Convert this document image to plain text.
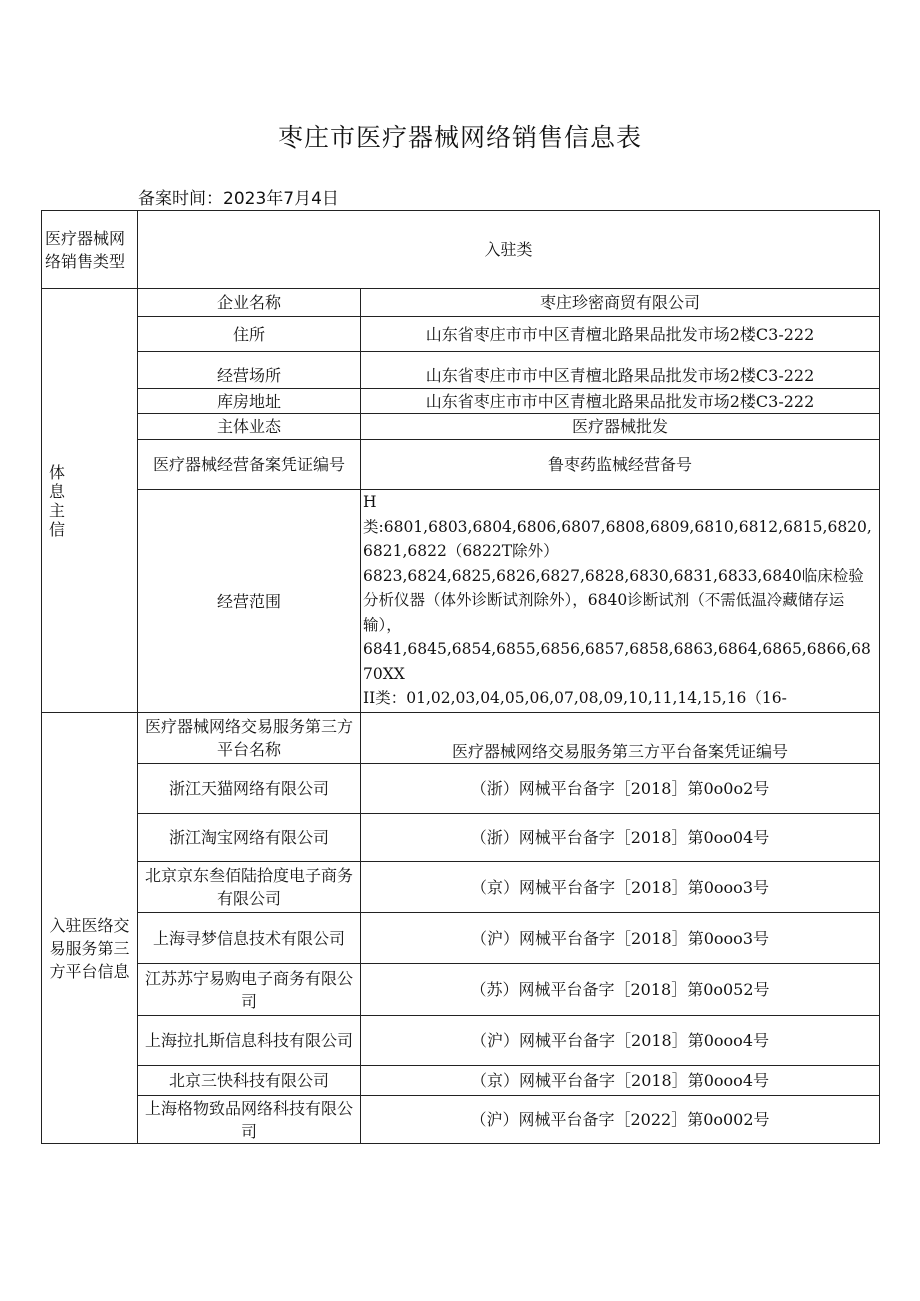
枣庄市医疗器械网络销售信息表
备案时间：2023年7月4日
医疗器械网络销售类型	入驻类	

体息主信	企业名称	枣庄珍密商贸有限公司
	住所	山东省枣庄市市中区青檀北路果品批发市场2楼C3-222
	经营场所	山东省枣庄市市中区青檀北路果品批发市场2楼C3-222
	库房地址	山东省枣庄市市中区青檀北路果品批发市场2楼C3-222
	主体业态	医疗器械批发
	医疗器械经营备案凭证编号	鲁枣药监械经营备号
	经营范围	H
类:6801,6803,6804,6806,6807,6808,6809,6810,6812,6815,6820,6821,6822（6822T除外）
6823,6824,6825,6826,6827,6828,6830,6831,6833,6840临床检验分析仪器（体外诊断试剂除外），6840诊断试剂（不需低温冷藏储存运输），
6841,6845,6854,6855,6856,6857,6858,6863,6864,6865,6866,6870XX
II类：01,02,03,04,05,06,07,08,09,10,11,14,15,16（16-

入驻医络交易服务第三方平台信息	医疗器械网络交易服务第三方平台名称	医疗器械网络交易服务第三方平台备案凭证编号
	浙江天猫网络有限公司	（浙）网械平台备字［2018］第0o0o2号
	浙江淘宝网络有限公司	（浙）网械平台备字［2018］第0oo04号
	北京京东叁佰陆拾度电子商务有限公司	（京）网械平台备字［2018］第0ooo3号
	上海寻梦信息技术有限公司	（沪）网械平台备字［2018］第0ooo3号
	江苏苏宁易购电子商务有限公司	（苏）网械平台备字［2018］第0o052号
	上海拉扎斯信息科技有限公司	（沪）网械平台备字［2018］第0ooo4号
	北京三快科技有限公司	（京）网械平台备字［2018］第0ooo4号
	上海格物致品网络科技有限公司	（沪）网械平台备字［2022］第0o002号
